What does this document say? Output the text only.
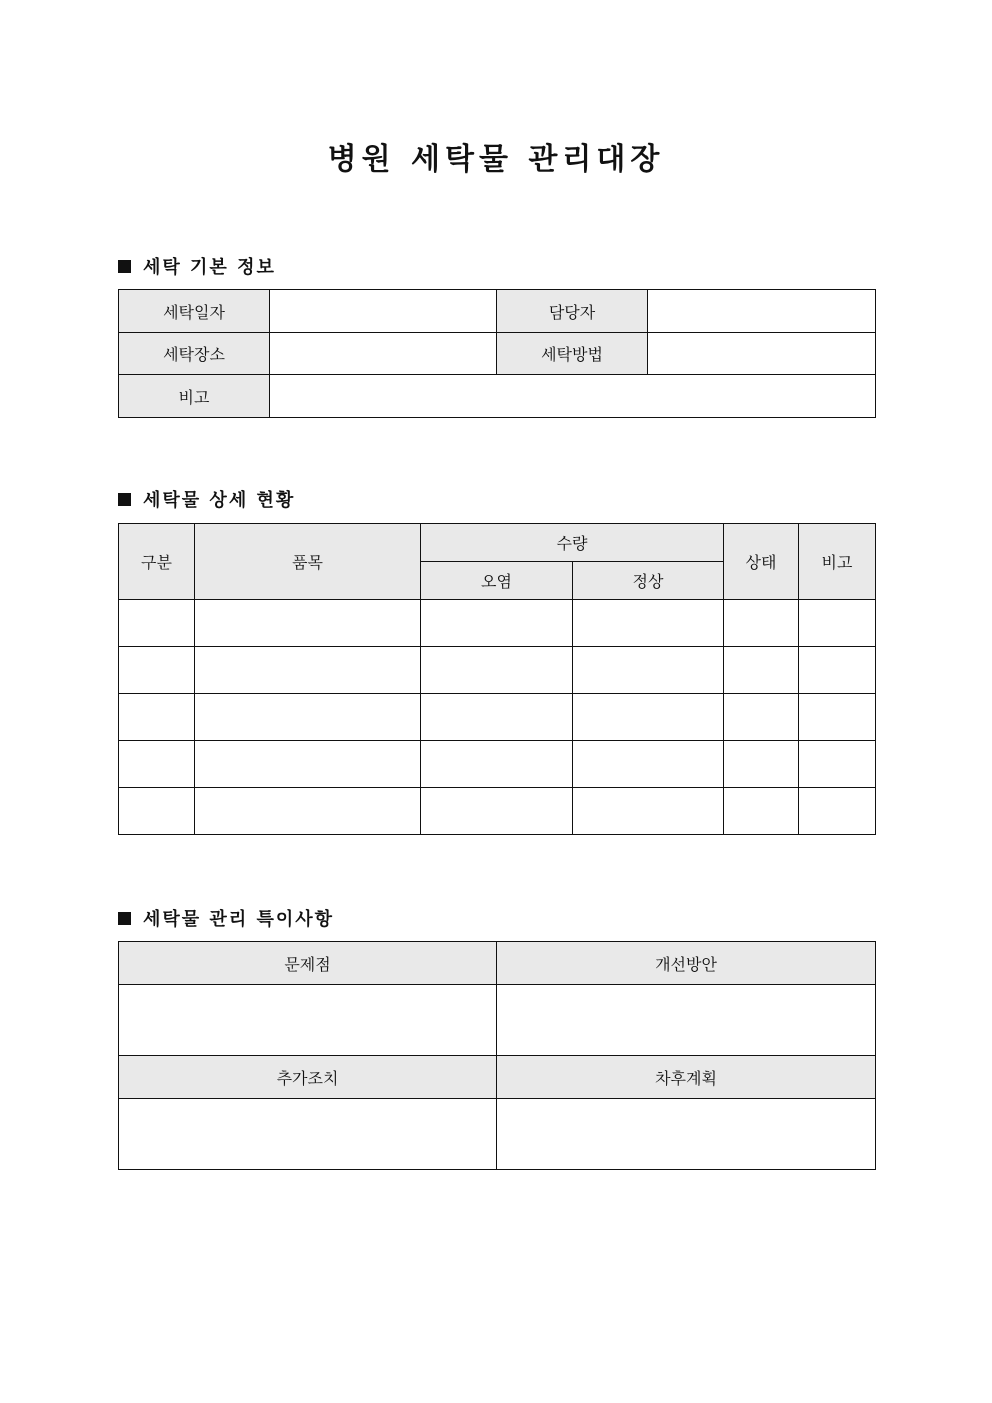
병원 세탁물 관리대장
세탁 기본 정보
세탁일자		담당자	
세탁장소		세탁방법	
비고			
세탁물 상세 현황
구분	품목	수량		상태	비고
		오염	정상		

세탁물 관리 특이사항
문제점	개선방안

추가조치	차후계획
